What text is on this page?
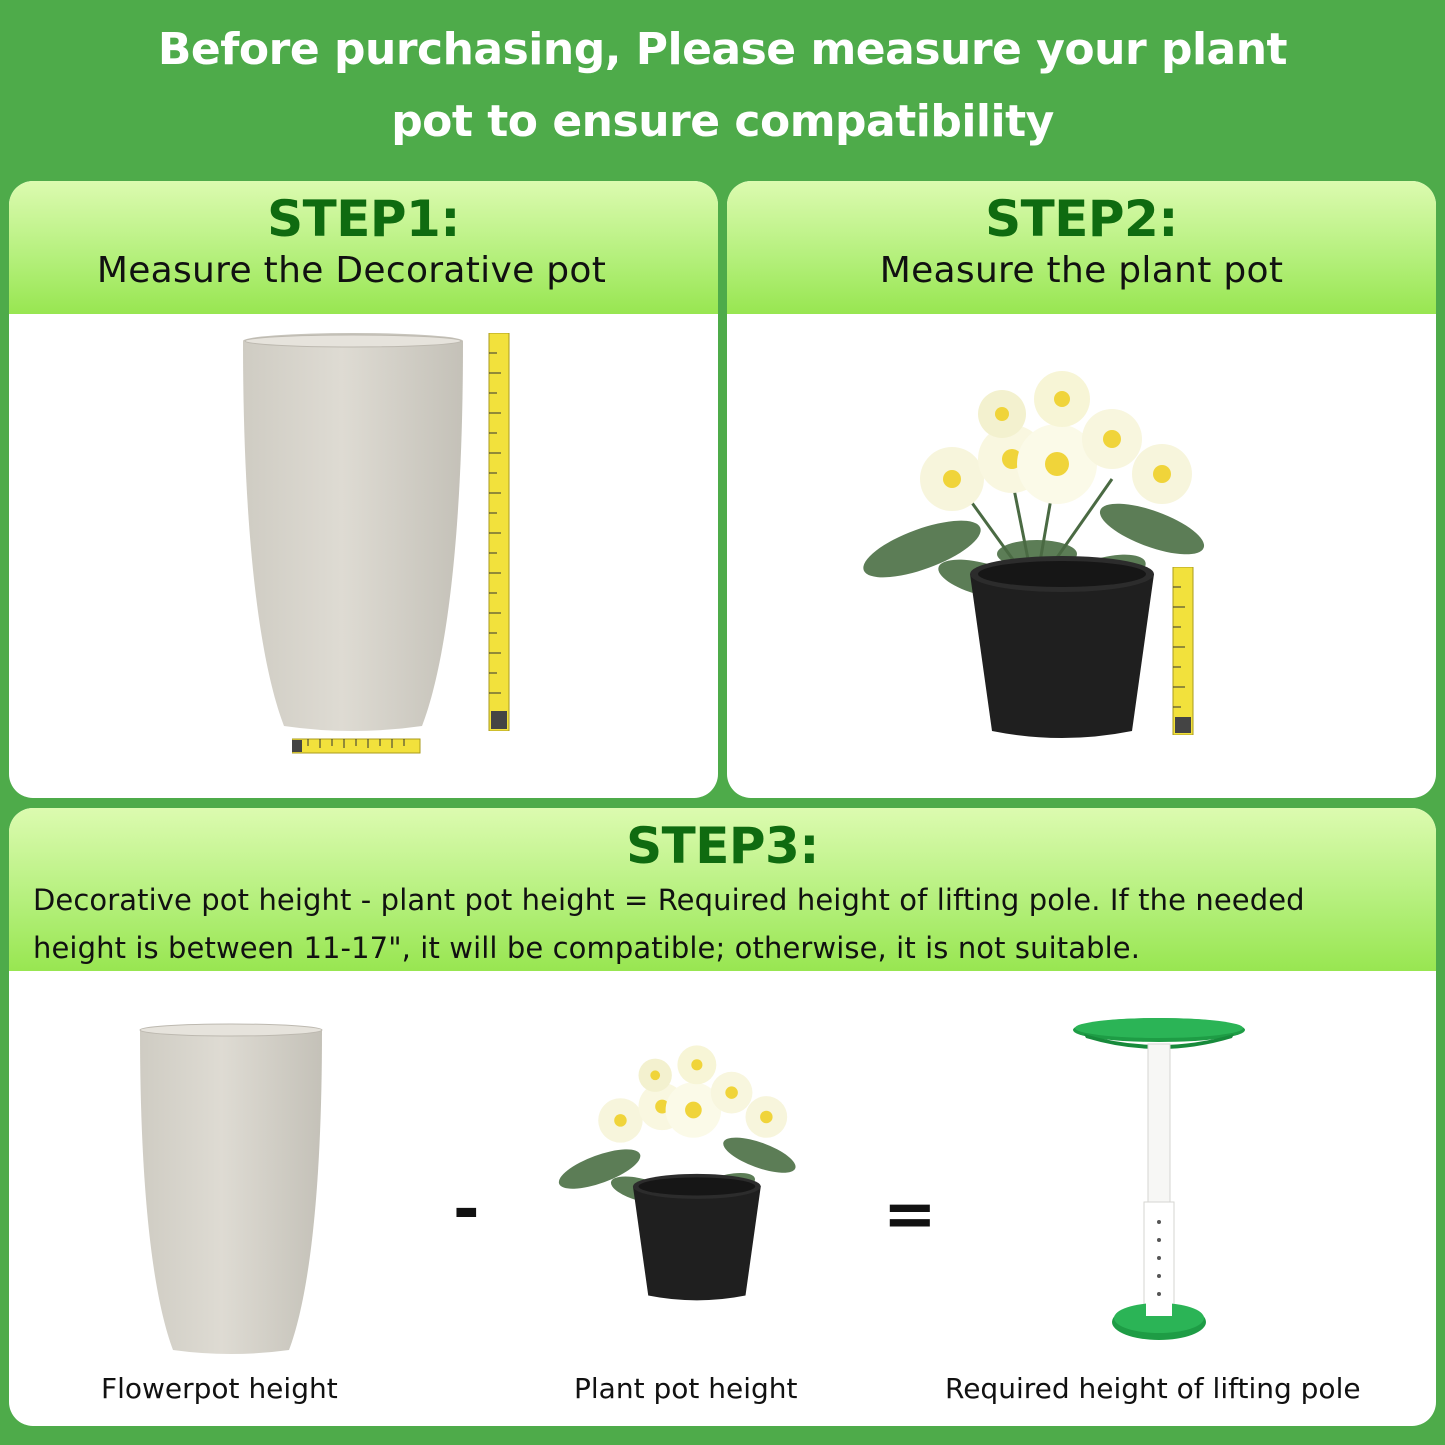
Before purchasing, Please measure your plant
pot to ensure compatibility
STEP1:
Measure the Decorative pot
STEP2:
Measure the plant pot
STEP3:
Decorative pot height - plant pot height = Required height of lifting pole. If the needed
height is between 11-17", it will be compatible; otherwise, it is not suitable.
-	=
Flowerpot height	Plant pot height	Required height of lifting pole
